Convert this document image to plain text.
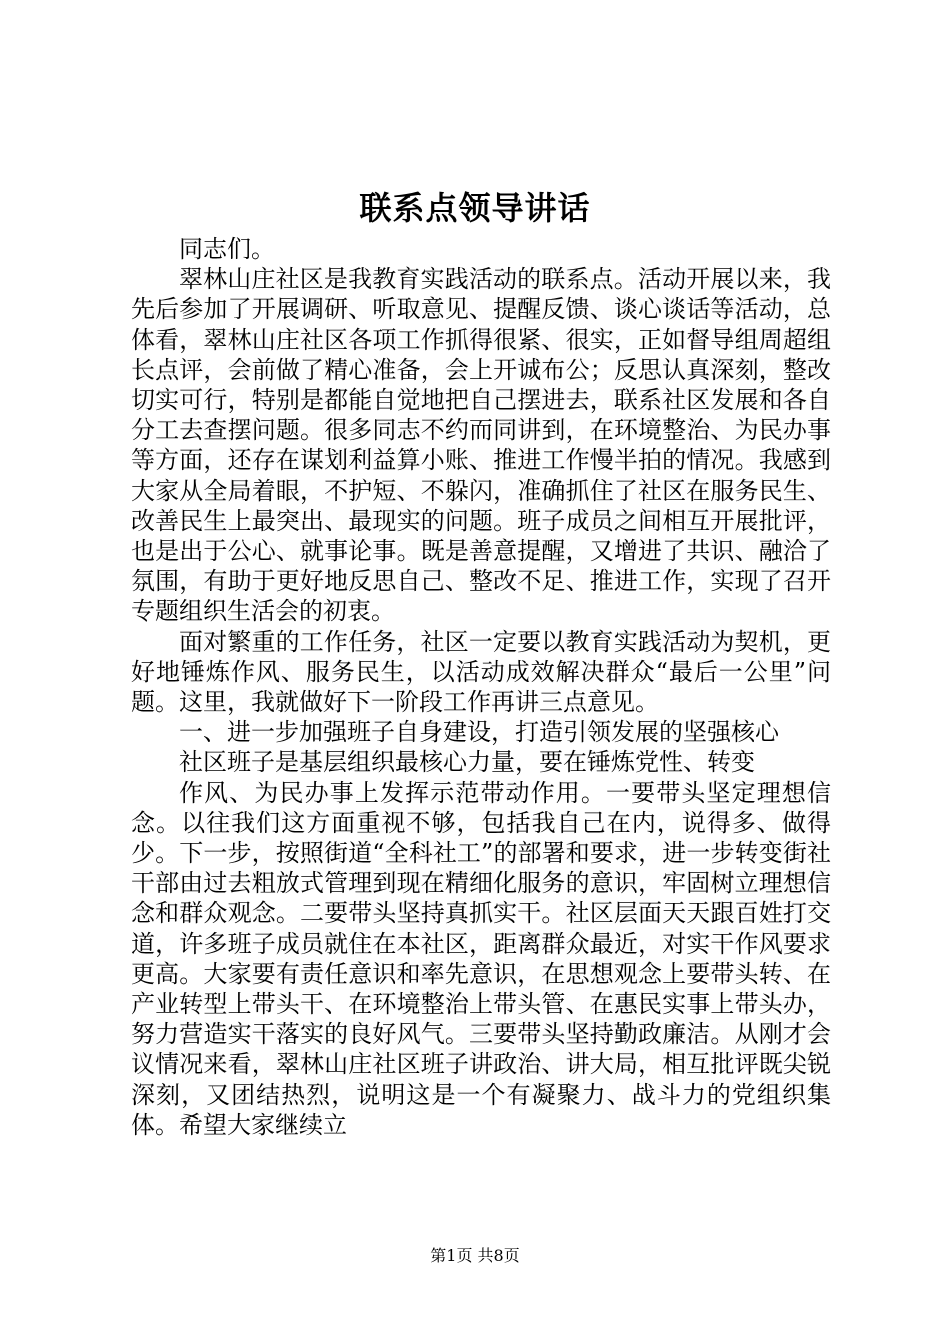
联系点领导讲话

同志们。

翠林山庄社区是我教育实践活动的联系点。活动开展以来，我先后参加了开展调研、听取意见、提醒反馈、谈心谈话等活动，总体看，翠林山庄社区各项工作抓得很紧、很实，正如督导组周超组长点评，会前做了精心准备，会上开诚布公；反思认真深刻，整改切实可行，特别是都能自觉地把自己摆进去，联系社区发展和各自分工去查摆问题。很多同志不约而同讲到，在环境整治、为民办事等方面，还存在谋划利益算小账、推进工作慢半拍的情况。我感到大家从全局着眼，不护短、不躲闪，准确抓住了社区在服务民生、改善民生上最突出、最现实的问题。班子成员之间相互开展批评，也是出于公心、就事论事。既是善意提醒，又增进了共识、融洽了氛围，有助于更好地反思自己、整改不足、推进工作，实现了召开专题组织生活会的初衷。

面对繁重的工作任务，社区一定要以教育实践活动为契机，更好地锤炼作风、服务民生，以活动成效解决群众“最后一公里”问题。这里，我就做好下一阶段工作再讲三点意见。

一、进一步加强班子自身建设，打造引领发展的坚强核心

社区班子是基层组织最核心力量，要在锤炼党性、转变

作风、为民办事上发挥示范带动作用。一要带头坚定理想信念。以往我们这方面重视不够，包括我自己在内，说得多、做得少。下一步，按照街道“全科社工”的部署和要求，进一步转变街社干部由过去粗放式管理到现在精细化服务的意识，牢固树立理想信念和群众观念。二要带头坚持真抓实干。社区层面天天跟百姓打交道，许多班子成员就住在本社区，距离群众最近，对实干作风要求更高。大家要有责任意识和率先意识，在思想观念上要带头转、在产业转型上带头干、在环境整治上带头管、在惠民实事上带头办，努力营造实干落实的良好风气。三要带头坚持勤政廉洁。从刚才会议情况来看，翠林山庄社区班子讲政治、讲大局，相互批评既尖锐深刻，又团结热烈，说明这是一个有凝聚力、战斗力的党组织集体。希望大家继续立

第1页 共8页
